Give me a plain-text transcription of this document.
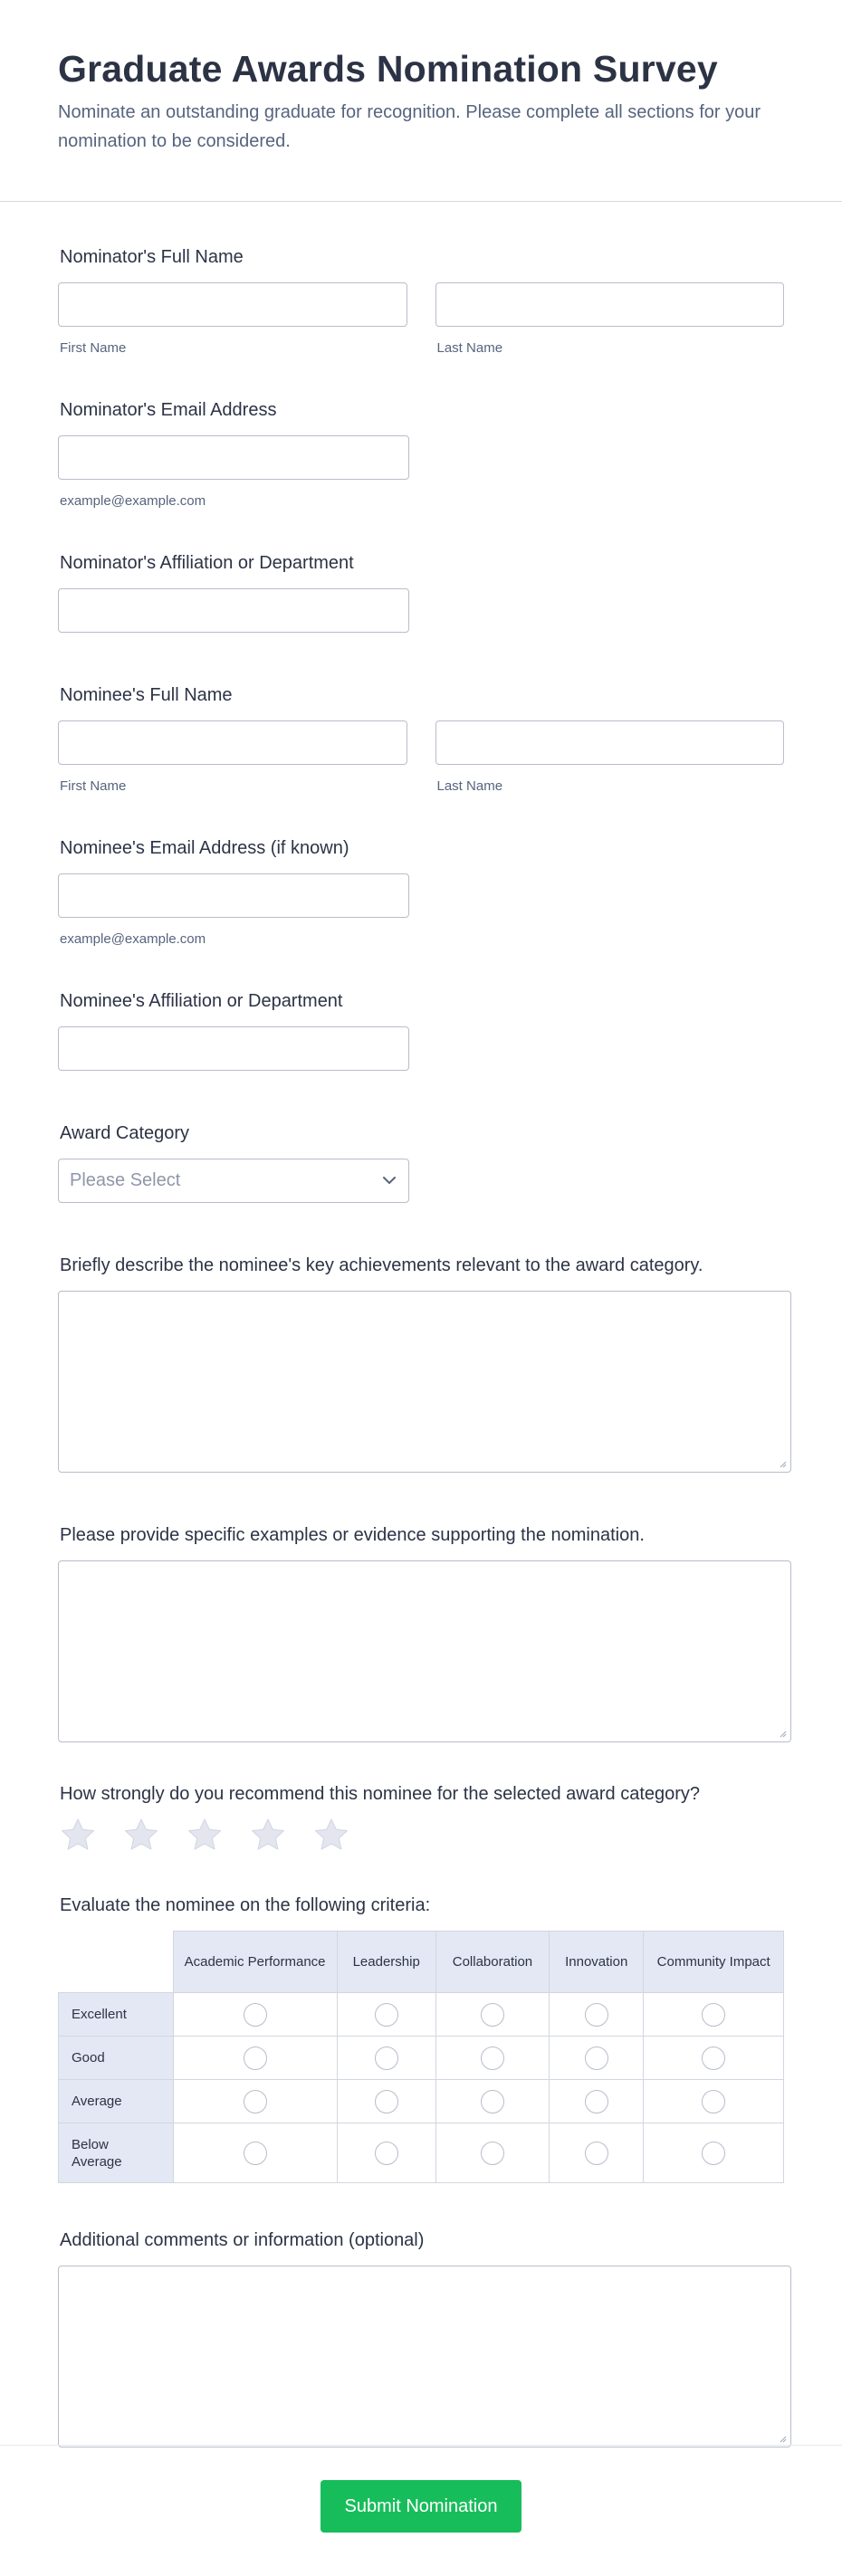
Graduate Awards Nomination Survey
Nominate an outstanding graduate for recognition. Please complete all sections for your nomination to be considered.
Nominator's Full Name
First Name	Last Name
Nominator's Email Address
example@example.com
Nominator's Affiliation or Department
Nominee's Full Name
First Name	Last Name
Nominee's Email Address (if known)
example@example.com
Nominee's Affiliation or Department
Award Category
Please Select
Briefly describe the nominee's key achievements relevant to the award category.
Please provide specific examples or evidence supporting the nomination.
How strongly do you recommend this nominee for the selected award category?
Evaluate the nominee on the following criteria:
	Academic Performance	Leadership	Collaboration	Innovation	Community Impact
Excellent					
Good					
Average					
Below Average					
Additional comments or information (optional)
Submit Nomination
